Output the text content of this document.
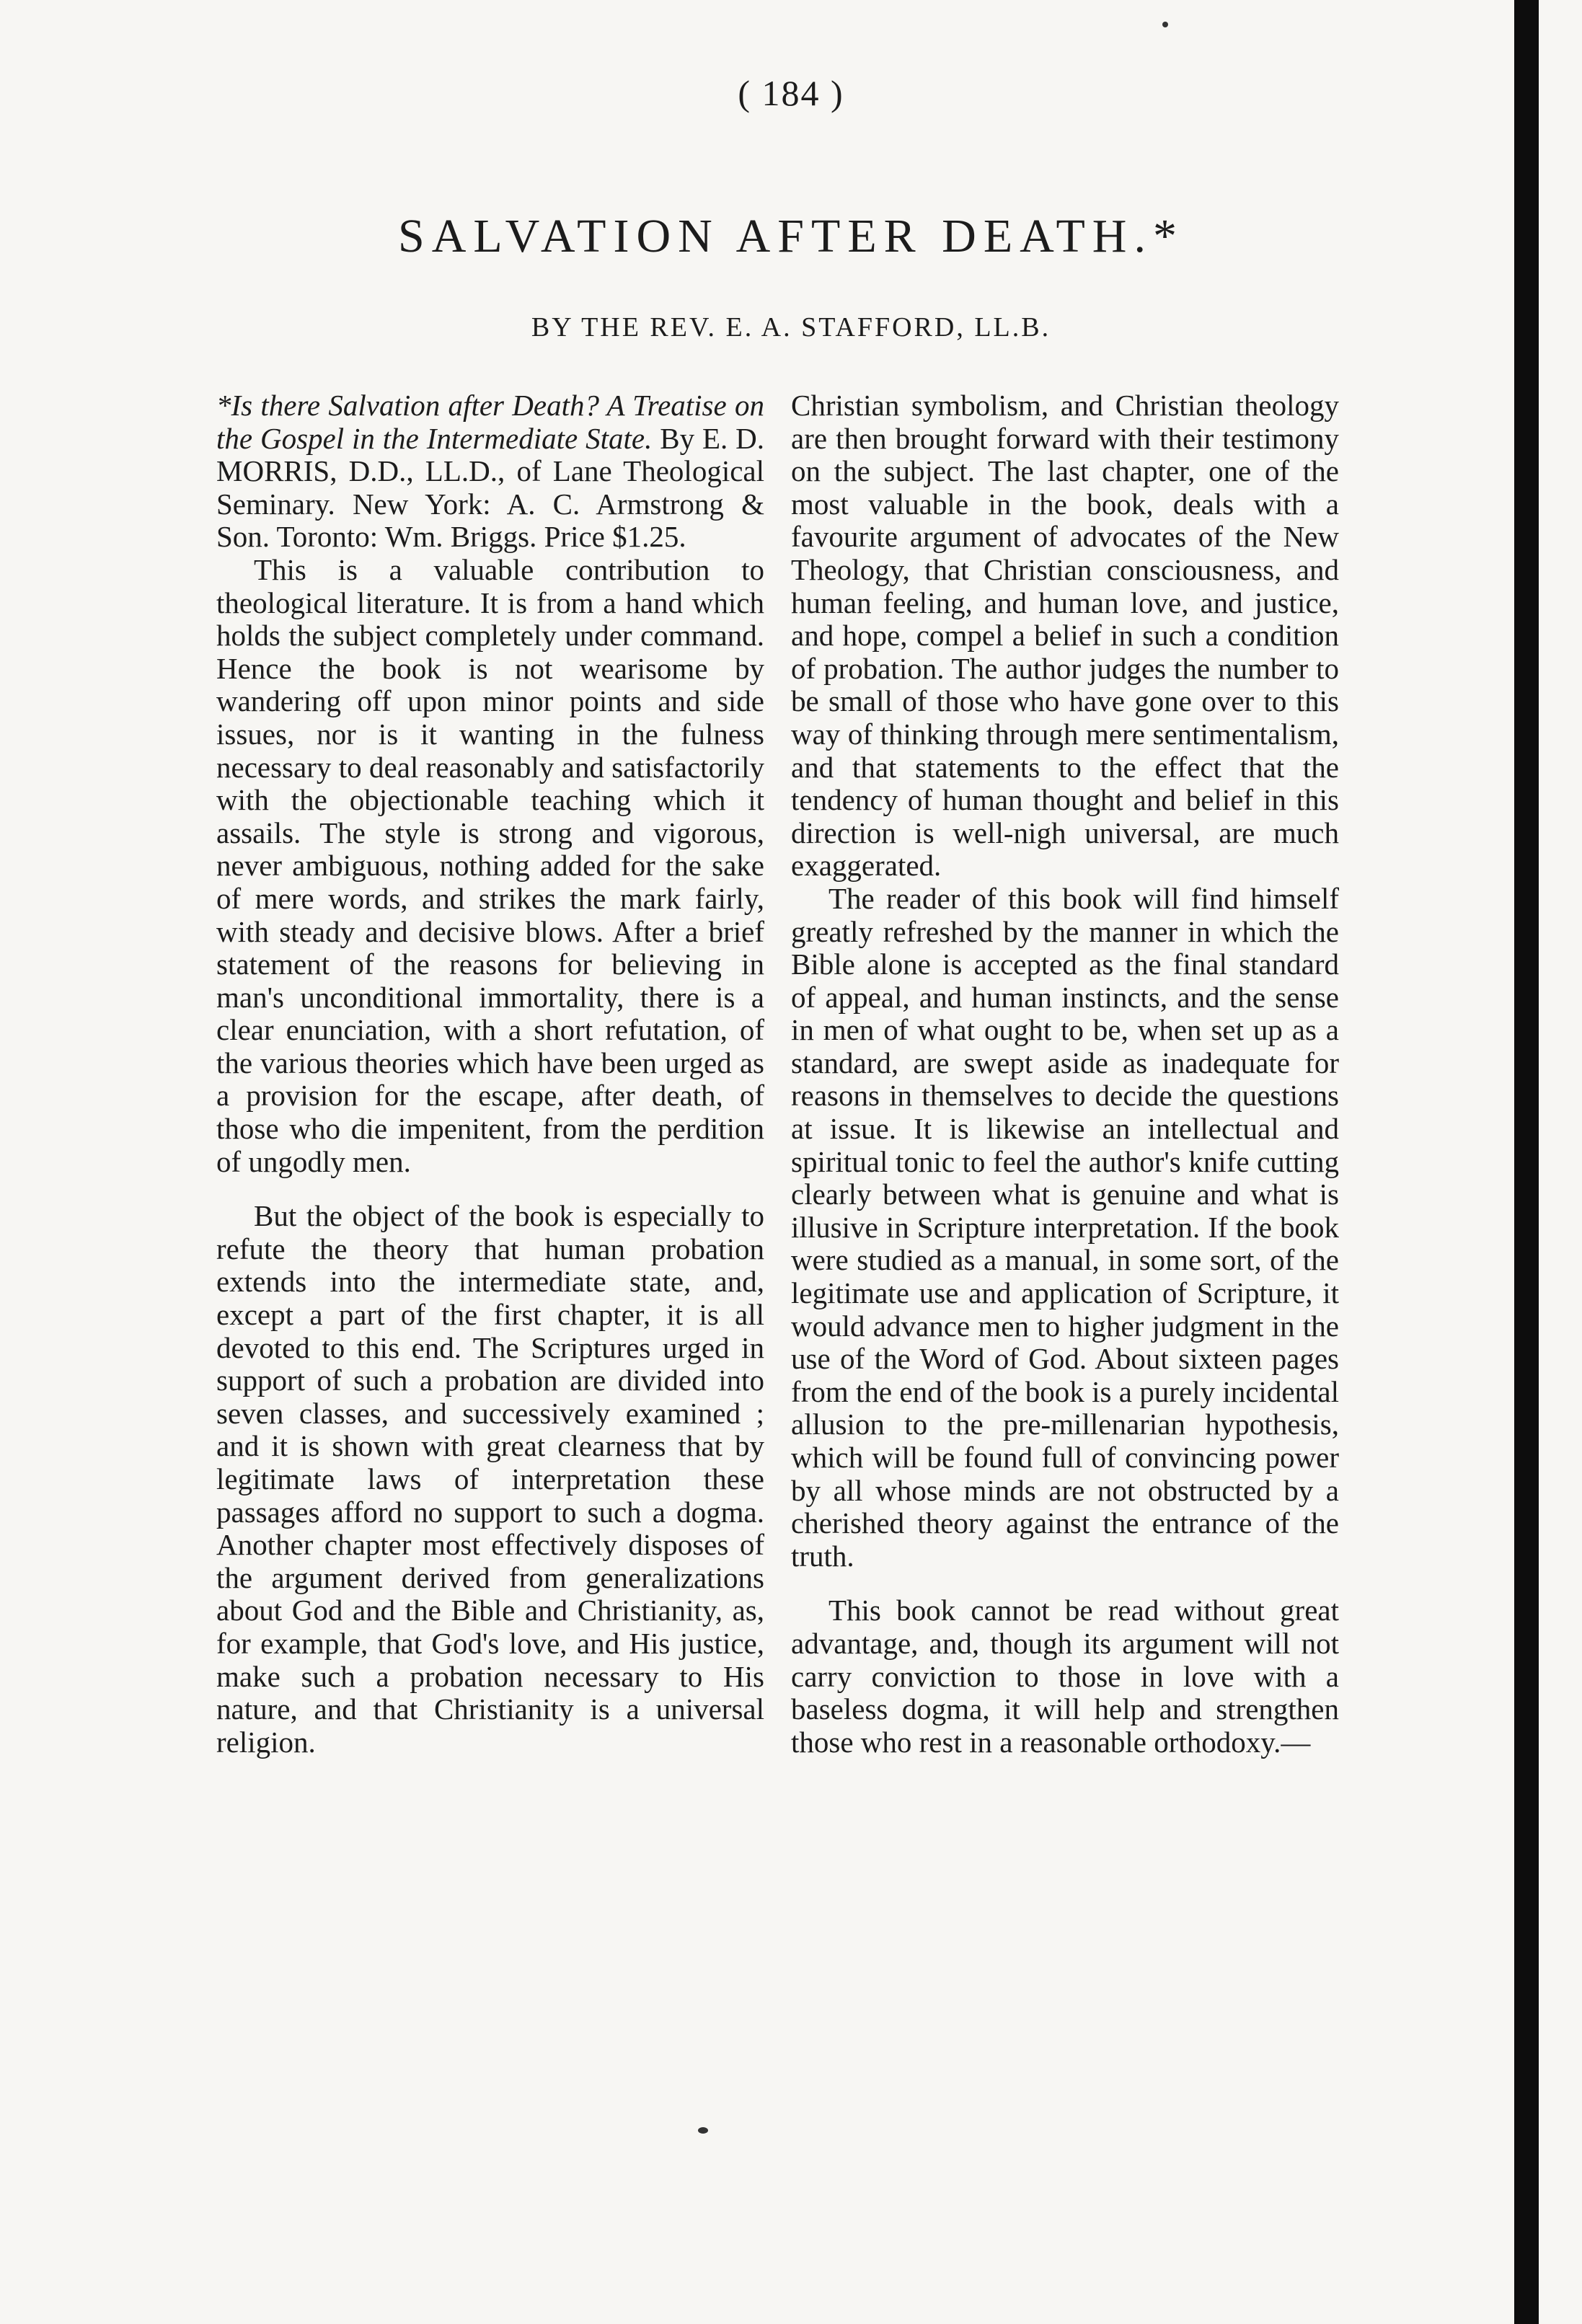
( 184 )
SALVATION AFTER DEATH.*
BY THE REV. E. A. STAFFORD, LL.B.

*Is there Salvation after Death? A Treatise on the Gospel in the Intermediate State. By E. D. MORRIS, D.D., LL.D., of Lane Theological Seminary. New York: A. C. Armstrong & Son. Toronto: Wm. Briggs. Price $1.25.

This is a valuable contribution to theological literature. It is from a hand which holds the subject completely under command. Hence the book is not wearisome by wandering off upon minor points and side issues, nor is it wanting in the fulness necessary to deal reasonably and satisfactorily with the objectionable teaching which it assails. The style is strong and vigorous, never ambiguous, nothing added for the sake of mere words, and strikes the mark fairly, with steady and decisive blows. After a brief statement of the reasons for believing in man's unconditional immortality, there is a clear enunciation, with a short refutation, of the various theories which have been urged as a provision for the escape, after death, of those who die impenitent, from the perdition of ungodly men.

But the object of the book is especially to refute the theory that human probation extends into the intermediate state, and, except a part of the first chapter, it is all devoted to this end. The Scriptures urged in support of such a probation are divided into seven classes, and successively examined ; and it is shown with great clearness that by legitimate laws of interpretation these passages afford no support to such a dogma. Another chapter most effectively disposes of the argument derived from generalizations about God and the Bible and Christianity, as, for example, that God's love, and His justice, make such a probation necessary to His nature, and that Christianity is a universal religion.

Christian symbolism, and Christian theology are then brought forward with their testimony on the subject. The last chapter, one of the most valuable in the book, deals with a favourite argument of advocates of the New Theology, that Christian consciousness, and human feeling, and human love, and justice, and hope, compel a belief in such a condition of probation. The author judges the number to be small of those who have gone over to this way of thinking through mere sentimentalism, and that statements to the effect that the tendency of human thought and belief in this direction is well-nigh universal, are much exaggerated.

The reader of this book will find himself greatly refreshed by the manner in which the Bible alone is accepted as the final standard of appeal, and human instincts, and the sense in men of what ought to be, when set up as a standard, are swept aside as inadequate for reasons in themselves to decide the questions at issue. It is likewise an intellectual and spiritual tonic to feel the author's knife cutting clearly between what is genuine and what is illusive in Scripture interpretation. If the book were studied as a manual, in some sort, of the legitimate use and application of Scripture, it would advance men to higher judgment in the use of the Word of God. About sixteen pages from the end of the book is a purely incidental allusion to the pre-millenarian hypothesis, which will be found full of convincing power by all whose minds are not obstructed by a cherished theory against the entrance of the truth.

This book cannot be read without great advantage, and, though its argument will not carry conviction to those in love with a baseless dogma, it will help and strengthen those who rest in a reasonable orthodoxy.—
